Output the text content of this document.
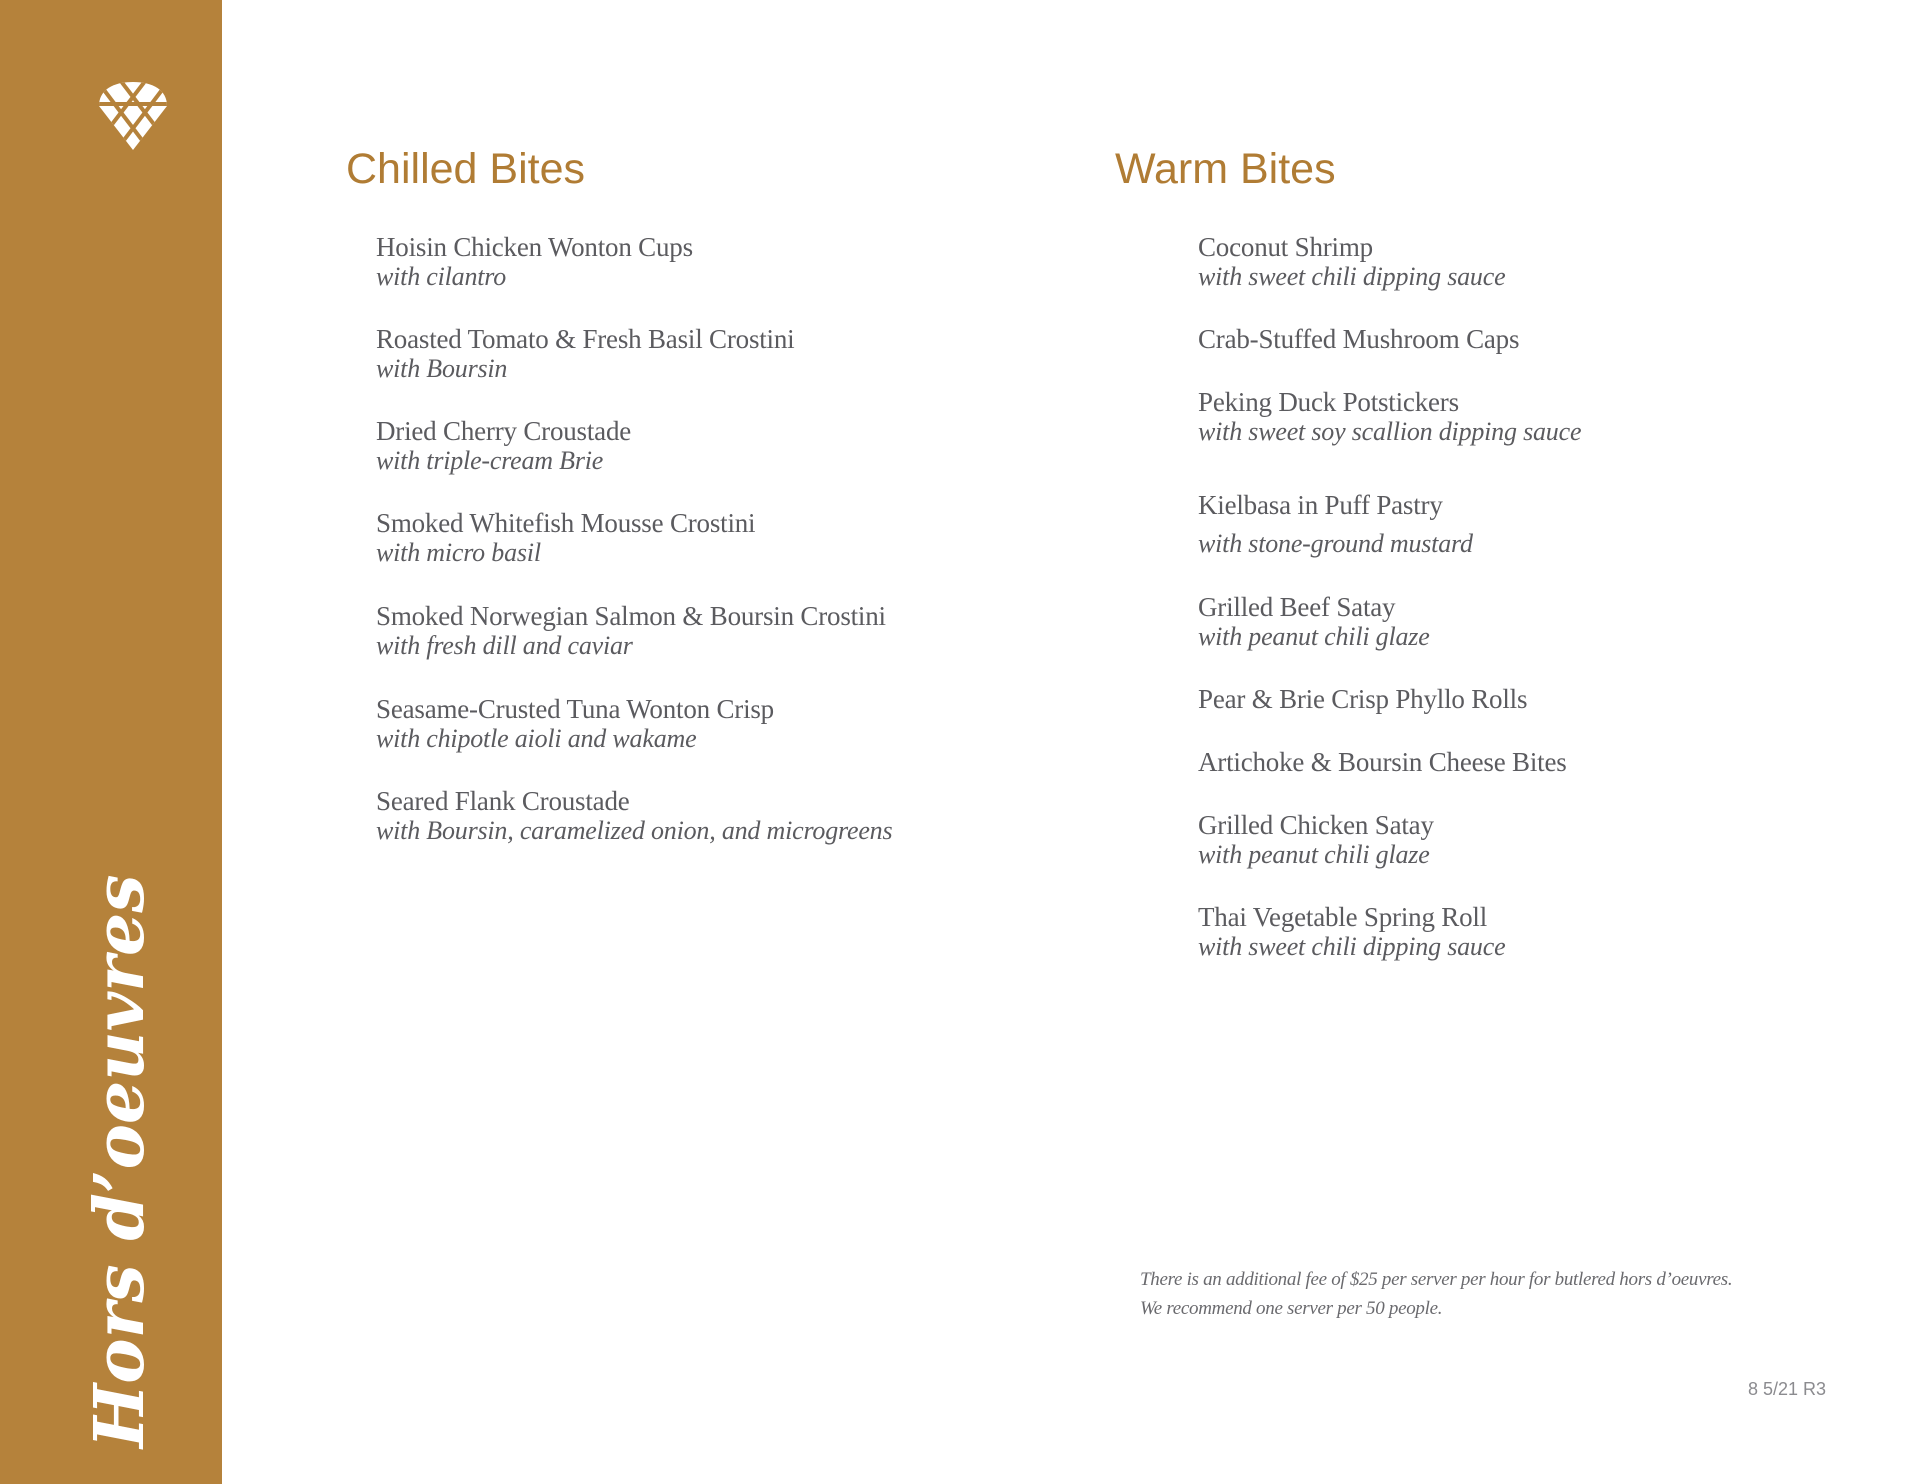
Hors d’oeuvres
Chilled Bites
Hoisin Chicken Wonton Cups
with cilantro
Roasted Tomato & Fresh Basil Crostini
with Boursin
Dried Cherry Croustade
with triple-cream Brie
Smoked Whitefish Mousse Crostini
with micro basil
Smoked Norwegian Salmon & Boursin Crostini
with fresh dill and caviar
Seasame-Crusted Tuna Wonton Crisp
with chipotle aioli and wakame
Seared Flank Croustade
with Boursin, caramelized onion, and microgreens
Warm Bites
Coconut Shrimp
with sweet chili dipping sauce
Crab-Stuffed Mushroom Caps
Peking Duck Potstickers
with sweet soy scallion dipping sauce
Kielbasa in Puff Pastry
with stone-ground mustard
Grilled Beef Satay
with peanut chili glaze
Pear & Brie Crisp Phyllo Rolls
Artichoke & Boursin Cheese Bites
Grilled Chicken Satay
with peanut chili glaze
Thai Vegetable Spring Roll
with sweet chili dipping sauce
There is an additional fee of $25 per server per hour for butlered hors d’oeuvres.
We recommend one server per 50 people.
8 5/21 R3
